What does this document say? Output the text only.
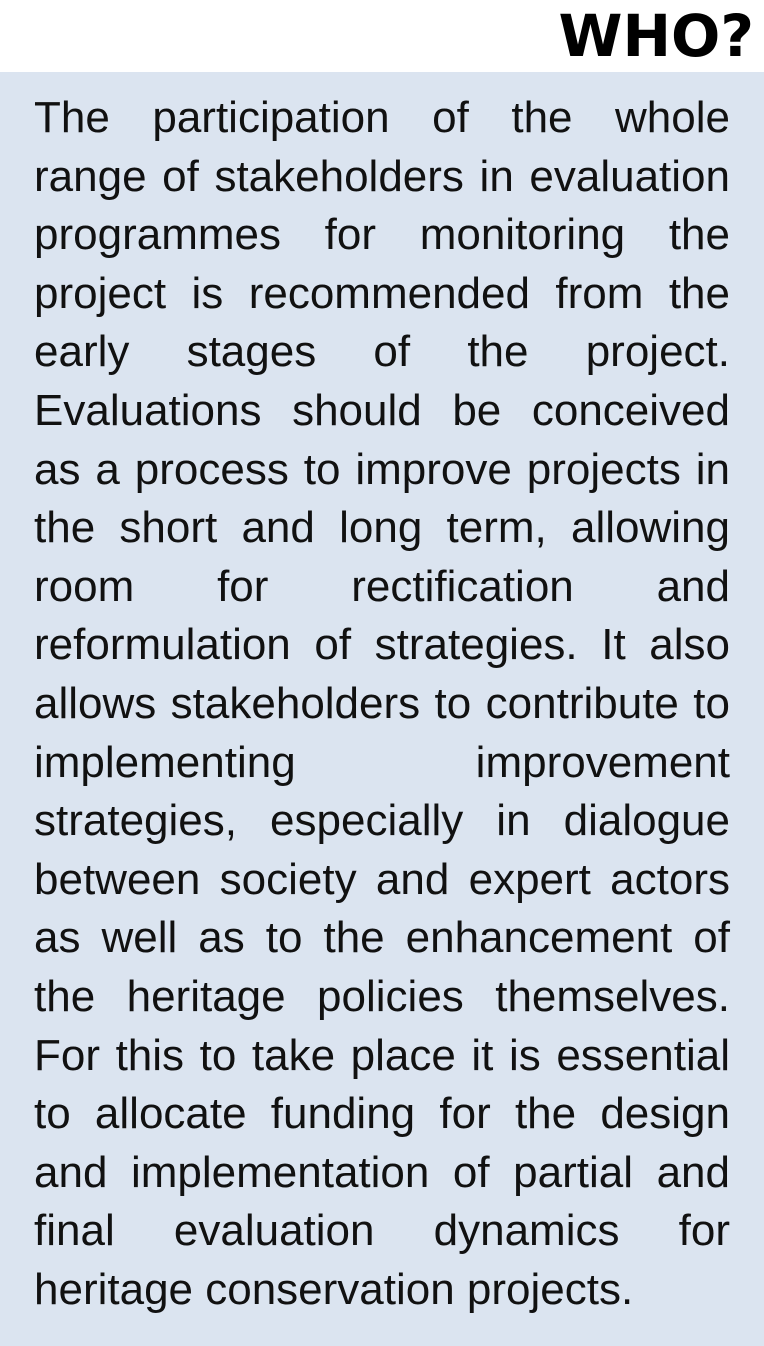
WHO?

The participation of the whole range of stakeholders in evaluation programmes for monitoring the project is recommended from the early stages of the project. Evaluations should be conceived as a process to improve projects in the short and long term, allowing room for rectification and reformulation of strategies. It also allows stakeholders to contribute to implementing improvement strategies, especially in dialogue between society and expert actors as well as to the enhancement of the heritage policies themselves. For this to take place it is essential to allocate funding for the design and implementation of partial and final evaluation dynamics for heritage conservation projects.
